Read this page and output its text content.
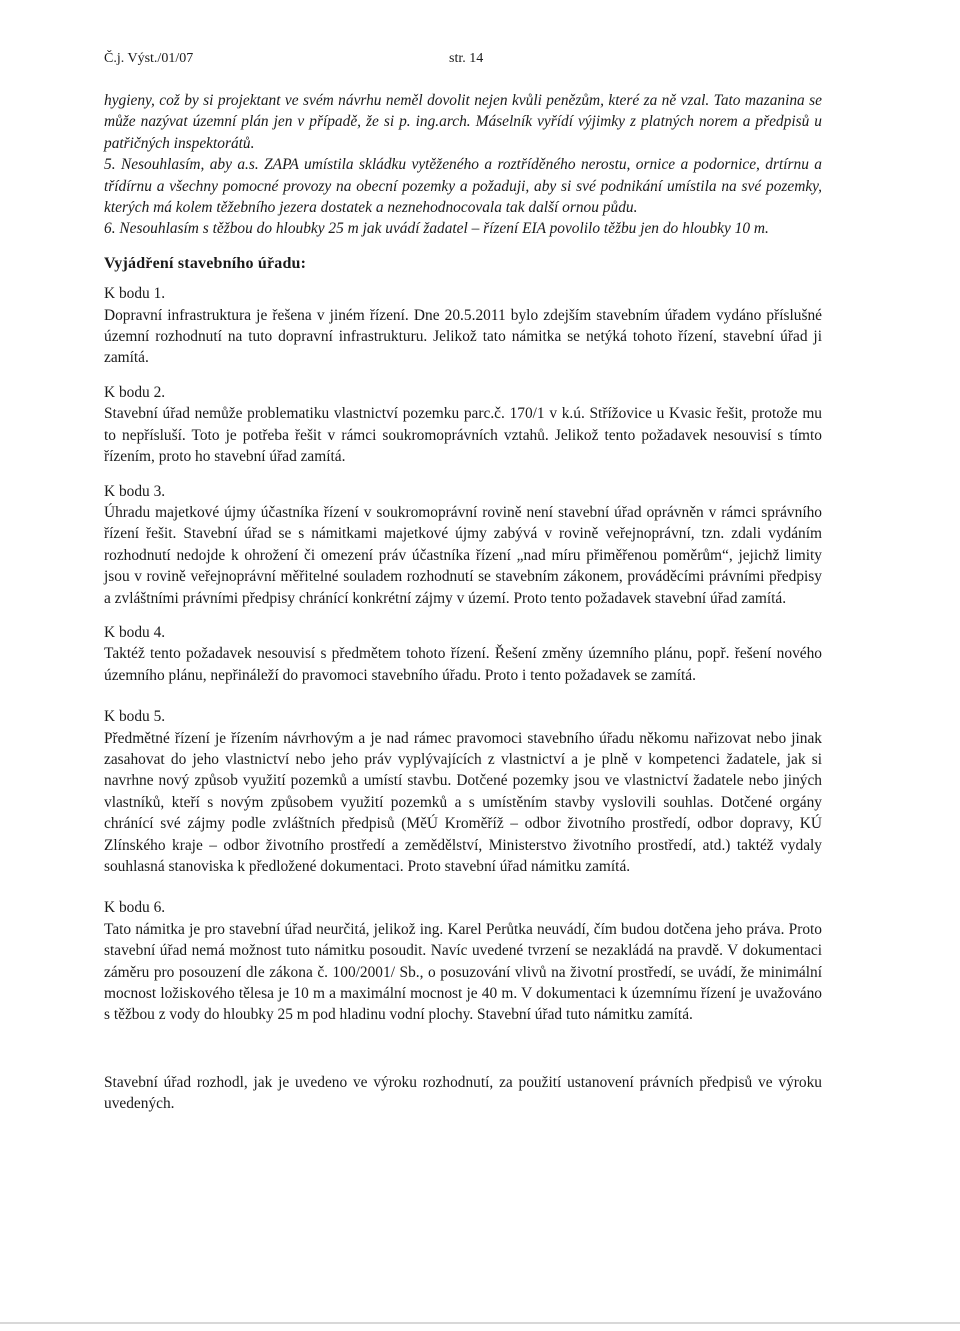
Č.j. Výst./01/07	str. 14

hygieny, což by si projektant ve svém návrhu neměl dovolit nejen kvůli penězům, které za ně vzal. Tato mazanina se může nazývat územní plán jen v případě, že si p. ing.arch. Máselník vyřídí výjimky z platných norem a předpisů u patřičných inspektorátů.

5. Nesouhlasím, aby a.s. ZAPA umístila skládku vytěženého a roztříděného nerostu, ornice a podornice, drtírnu a třídírnu a všechny pomocné provozy na obecní pozemky a požaduji, aby si své podnikání umístila na své pozemky, kterých má kolem těžebního jezera dostatek a neznehodnocovala tak další ornou půdu.

6. Nesouhlasím s těžbou do hloubky 25 m jak uvádí žadatel – řízení EIA povolilo těžbu jen do hloubky 10 m.

Vyjádření stavebního úřadu:

K bodu 1.

Dopravní infrastruktura je řešena v jiném řízení. Dne 20.5.2011 bylo zdejším stavebním úřadem vydáno příslušné územní rozhodnutí na tuto dopravní infrastrukturu. Jelikož tato námitka se netýká tohoto řízení, stavební úřad ji zamítá.

K bodu 2.

Stavební úřad nemůže problematiku vlastnictví pozemku parc.č. 170/1 v k.ú. Střížovice u Kvasic řešit, protože mu to nepřísluší. Toto je potřeba řešit v rámci soukromoprávních vztahů. Jelikož tento požadavek nesouvisí s tímto řízením, proto ho stavební úřad zamítá.

K bodu 3.

Úhradu majetkové újmy účastníka řízení v soukromoprávní rovině není stavební úřad oprávněn v rámci správního řízení řešit. Stavební úřad se s námitkami majetkové újmy zabývá v rovině veřejnoprávní, tzn. zdali vydáním rozhodnutí nedojde k ohrožení či omezení práv účastníka řízení „nad míru přiměřenou poměrům“, jejichž limity jsou v rovině veřejnoprávní měřitelné souladem rozhodnutí se stavebním zákonem, prováděcími právními předpisy a zvláštními právními předpisy chránící konkrétní zájmy v území. Proto tento požadavek stavební úřad zamítá.

K bodu 4.

Taktéž tento požadavek nesouvisí s předmětem tohoto řízení. Řešení změny územního plánu, popř. řešení nového územního plánu, nepřináleží do pravomoci stavebního úřadu. Proto i tento požadavek se zamítá.

K bodu 5.

Předmětné řízení je řízením návrhovým a je nad rámec pravomoci stavebního úřadu někomu nařizovat nebo jinak zasahovat do jeho vlastnictví nebo jeho práv vyplývajících z vlastnictví a je plně v kompetenci žadatele, jak si navrhne nový způsob využití pozemků a umístí stavbu. Dotčené pozemky jsou ve vlastnictví žadatele nebo jiných vlastníků, kteří s novým způsobem využití pozemků a s umístěním stavby vyslovili souhlas. Dotčené orgány chránící své zájmy podle zvláštních předpisů (MěÚ Kroměříž – odbor životního prostředí, odbor dopravy, KÚ Zlínského kraje – odbor životního prostředí a zemědělství, Ministerstvo životního prostředí, atd.) taktéž vydaly souhlasná stanoviska k předložené dokumentaci. Proto stavební úřad námitku zamítá.

K bodu 6.

Tato námitka je pro stavební úřad neurčitá, jelikož ing. Karel Perůtka neuvádí, čím budou dotčena jeho práva. Proto stavební úřad nemá možnost tuto námitku posoudit. Navíc uvedené tvrzení se nezakládá na pravdě. V dokumentaci záměru pro posouzení dle zákona č. 100/2001/ Sb., o posuzování vlivů na životní prostředí, se uvádí, že minimální mocnost ložiskového tělesa je 10 m a maximální mocnost je 40 m. V dokumentaci k územnímu řízení je uvažováno s těžbou z vody do hloubky 25 m pod hladinu vodní plochy. Stavební úřad tuto námitku zamítá.

Stavební úřad rozhodl, jak je uvedeno ve výroku rozhodnutí, za použití ustanovení právních předpisů ve výroku uvedených.
